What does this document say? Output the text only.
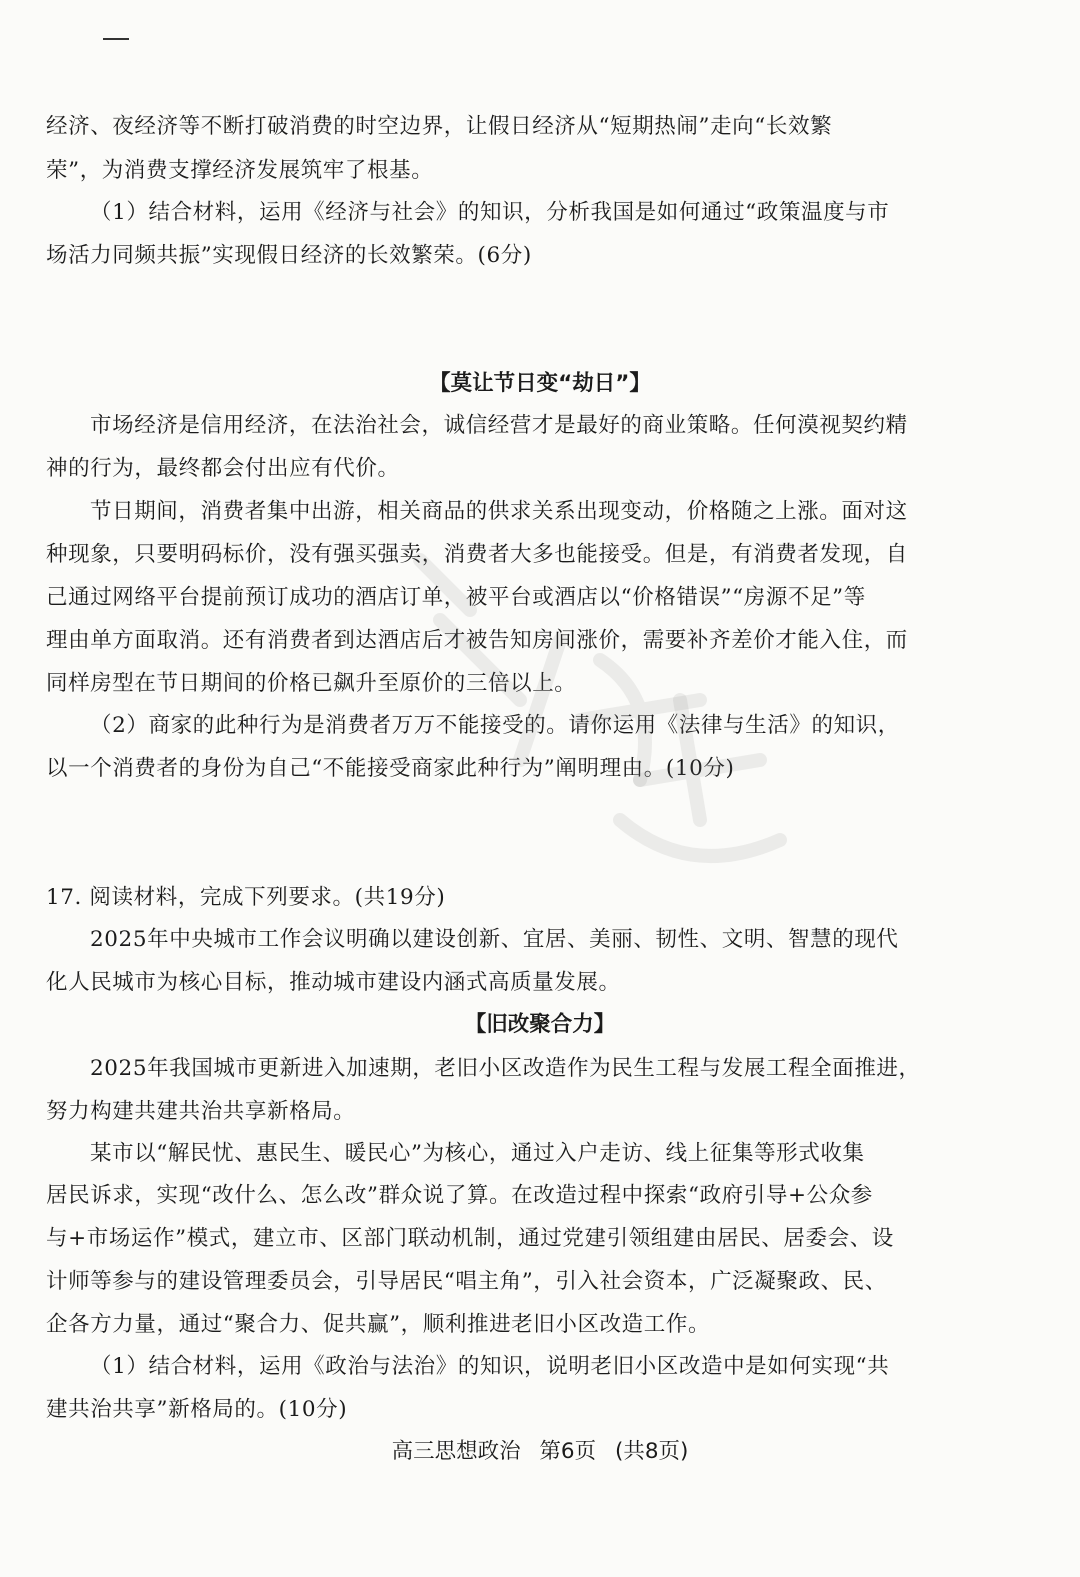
经济、夜经济等不断打破消费的时空边界，让假日经济从“短期热闹”走向“长效繁
荣”，为消费支撑经济发展筑牢了根基。
（1）结合材料，运用《经济与社会》的知识，分析我国是如何通过“政策温度与市
场活力同频共振”实现假日经济的长效繁荣。(6分)
【莫让节日变“劫日”】
市场经济是信用经济，在法治社会，诚信经营才是最好的商业策略。任何漠视契约精
神的行为，最终都会付出应有代价。
节日期间，消费者集中出游，相关商品的供求关系出现变动，价格随之上涨。面对这
种现象，只要明码标价，没有强买强卖，消费者大多也能接受。但是，有消费者发现，自
己通过网络平台提前预订成功的酒店订单，被平台或酒店以“价格错误”“房源不足”等
理由单方面取消。还有消费者到达酒店后才被告知房间涨价，需要补齐差价才能入住，而
同样房型在节日期间的价格已飙升至原价的三倍以上。
（2）商家的此种行为是消费者万万不能接受的。请你运用《法律与生活》的知识，
以一个消费者的身份为自己“不能接受商家此种行为”阐明理由。(10分)
17. 阅读材料，完成下列要求。(共19分)
2025年中央城市工作会议明确以建设创新、宜居、美丽、韧性、文明、智慧的现代
化人民城市为核心目标，推动城市建设内涵式高质量发展。
【旧改聚合力】
2025年我国城市更新进入加速期，老旧小区改造作为民生工程与发展工程全面推进，
努力构建共建共治共享新格局。
某市以“解民忧、惠民生、暖民心”为核心，通过入户走访、线上征集等形式收集
居民诉求，实现“改什么、怎么改”群众说了算。在改造过程中探索“政府引导+公众参
与+市场运作”模式，建立市、区部门联动机制，通过党建引领组建由居民、居委会、设
计师等参与的建设管理委员会，引导居民“唱主角”，引入社会资本，广泛凝聚政、民、
企各方力量，通过“聚合力、促共赢”，顺利推进老旧小区改造工作。
（1）结合材料，运用《政治与法治》的知识，说明老旧小区改造中是如何实现“共
建共治共享”新格局的。(10分)
高三思想政治 第6页 (共8页)
